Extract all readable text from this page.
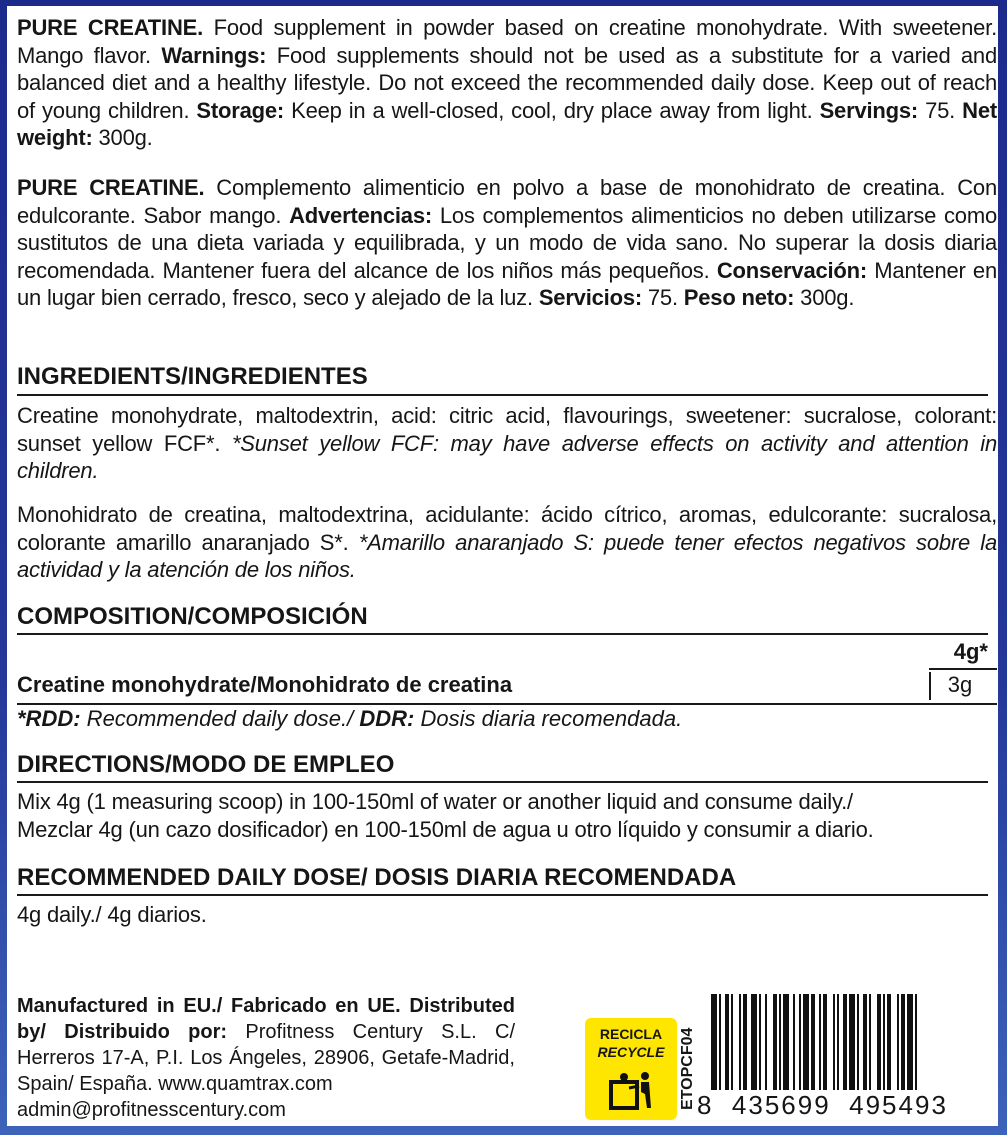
PURE CREATINE. Food supplement in powder based on creatine monohydrate. With sweetener. Mango flavor. Warnings: Food supplements should not be used as a substitute for a varied and balanced diet and a healthy lifestyle. Do not exceed the recommended daily dose. Keep out of reach of young children. Storage: Keep in a well-closed, cool, dry place away from light. Servings: 75. Net weight: 300g.

PURE CREATINE. Complemento alimenticio en polvo a base de monohidrato de creatina. Con edulcorante. Sabor mango. Advertencias: Los complementos alimenticios no deben utilizarse como sustitutos de una dieta variada y equilibrada, y un modo de vida sano. No superar la dosis diaria recomendada. Mantener fuera del alcance de los niños más pequeños. Conservación: Mantener en un lugar bien cerrado, fresco, seco y alejado de la luz. Servicios: 75. Peso neto: 300g.

INGREDIENTS/INGREDIENTES

Creatine monohydrate, maltodextrin, acid: citric acid, flavourings, sweetener: sucralose, colorant: sunset yellow FCF*. *Sunset yellow FCF: may have adverse effects on activity and attention in children.

Monohidrato de creatina, maltodextrina, acidulante: ácido cítrico, aromas, edulcorante: sucralosa, colorante amarillo anaranjado S*. *Amarillo anaranjado S: puede tener efectos negativos sobre la actividad y la atención de los niños.

COMPOSITION/COMPOSICIÓN
4g*
Creatine monohydrate/Monohidrato de creatina	3g
*RDD: Recommended daily dose./ DDR: Dosis diaria recomendada.
DIRECTIONS/MODO DE EMPLEO

Mix 4g (1 measuring scoop) in 100-150ml of water or another liquid and consume daily./
Mezclar 4g (un cazo dosificador) en 100-150ml de agua u otro líquido y consumir a diario.

RECOMMENDED DAILY DOSE/ DOSIS DIARIA RECOMENDADA

4g daily./ 4g diarios.

Manufactured in EU./ Fabricado en UE. Distributed by/ Distribuido por: Profitness Century S.L. C/ Herreros 17-A, P.I. Los Ángeles, 28906, Getafe-Madrid, Spain/ España. www.quamtrax.com
admin@profitnesscentury.com

RECICLA
RECYCLE ETOPCF04 8 435699 495493
